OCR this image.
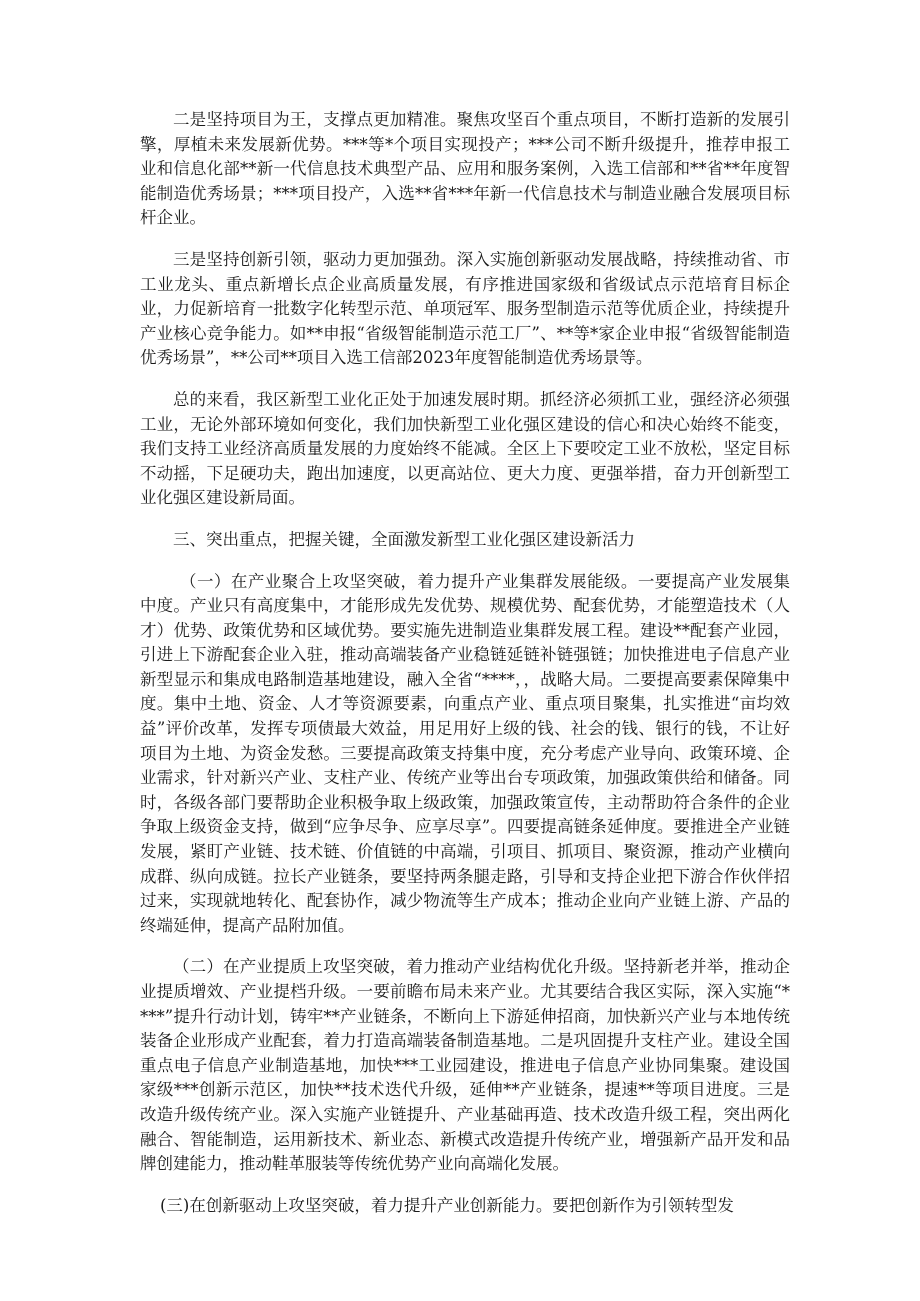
二是坚持项目为王，支撑点更加精准。聚焦攻坚百个重点项目，不断打造新的发展引擎，厚植未来发展新优势。***等*个项目实现投产；***公司不断升级提升，推荐申报工业和信息化部**新一代信息技术典型产品、应用和服务案例，入选工信部和**省**年度智能制造优秀场景；***项目投产，入选**省***年新一代信息技术与制造业融合发展项目标杆企业。

三是坚持创新引领，驱动力更加强劲。深入实施创新驱动发展战略，持续推动省、市工业龙头、重点新增长点企业高质量发展，有序推进国家级和省级试点示范培育目标企业，力促新培育一批数字化转型示范、单项冠军、服务型制造示范等优质企业，持续提升产业核心竞争能力。如**申报“省级智能制造示范工厂”、**等*家企业申报“省级智能制造优秀场景”，**公司**项目入选工信部2023年度智能制造优秀场景等。

总的来看，我区新型工业化正处于加速发展时期。抓经济必须抓工业，强经济必须强工业，无论外部环境如何变化，我们加快新型工业化强区建设的信心和决心始终不能变，我们支持工业经济高质量发展的力度始终不能减。全区上下要咬定工业不放松，坚定目标不动摇，下足硬功夫，跑出加速度，以更高站位、更大力度、更强举措，奋力开创新型工业化强区建设新局面。

三、突出重点，把握关键，全面激发新型工业化强区建设新活力

（一）在产业聚合上攻坚突破，着力提升产业集群发展能级。一要提高产业发展集中度。产业只有高度集中，才能形成先发优势、规模优势、配套优势，才能塑造技术（人才）优势、政策优势和区域优势。要实施先进制造业集群发展工程。建设**配套产业园，引进上下游配套企业入驻，推动高端装备产业稳链延链补链强链；加快推进电子信息产业新型显示和集成电路制造基地建设，融入全省“****，，战略大局。二要提高要素保障集中度。集中土地、资金、人才等资源要素，向重点产业、重点项目聚集，扎实推进“亩均效益”评价改革，发挥专项债最大效益，用足用好上级的钱、社会的钱、银行的钱，不让好项目为土地、为资金发愁。三要提高政策支持集中度，充分考虑产业导向、政策环境、企业需求，针对新兴产业、支柱产业、传统产业等出台专项政策，加强政策供给和储备。同时，各级各部门要帮助企业积极争取上级政策，加强政策宣传，主动帮助符合条件的企业争取上级资金支持，做到“应争尽争、应享尽享”。四要提高链条延伸度。要推进全产业链发展，紧盯产业链、技术链、价值链的中高端，引项目、抓项目、聚资源，推动产业横向成群、纵向成链。拉长产业链条，要坚持两条腿走路，引导和支持企业把下游合作伙伴招过来，实现就地转化、配套协作，减少物流等生产成本；推动企业向产业链上游、产品的终端延伸，提高产品附加值。

（二）在产业提质上攻坚突破，着力推动产业结构优化升级。坚持新老并举，推动企业提质增效、产业提档升级。一要前瞻布局未来产业。尤其要结合我区实际，深入实施“****”提升行动计划，铸牢**产业链条，不断向上下游延伸招商，加快新兴产业与本地传统装备企业形成产业配套，着力打造高端装备制造基地。二是巩固提升支柱产业。建设全国重点电子信息产业制造基地，加快***工业园建设，推进电子信息产业协同集聚。建设国家级***创新示范区，加快**技术迭代升级，延伸**产业链条，提速**等项目进度。三是改造升级传统产业。深入实施产业链提升、产业基础再造、技术改造升级工程，突出两化融合、智能制造，运用新技术、新业态、新模式改造提升传统产业，增强新产品开发和品牌创建能力，推动鞋革服装等传统优势产业向高端化发展。

(三)在创新驱动上攻坚突破，着力提升产业创新能力。要把创新作为引领转型发
